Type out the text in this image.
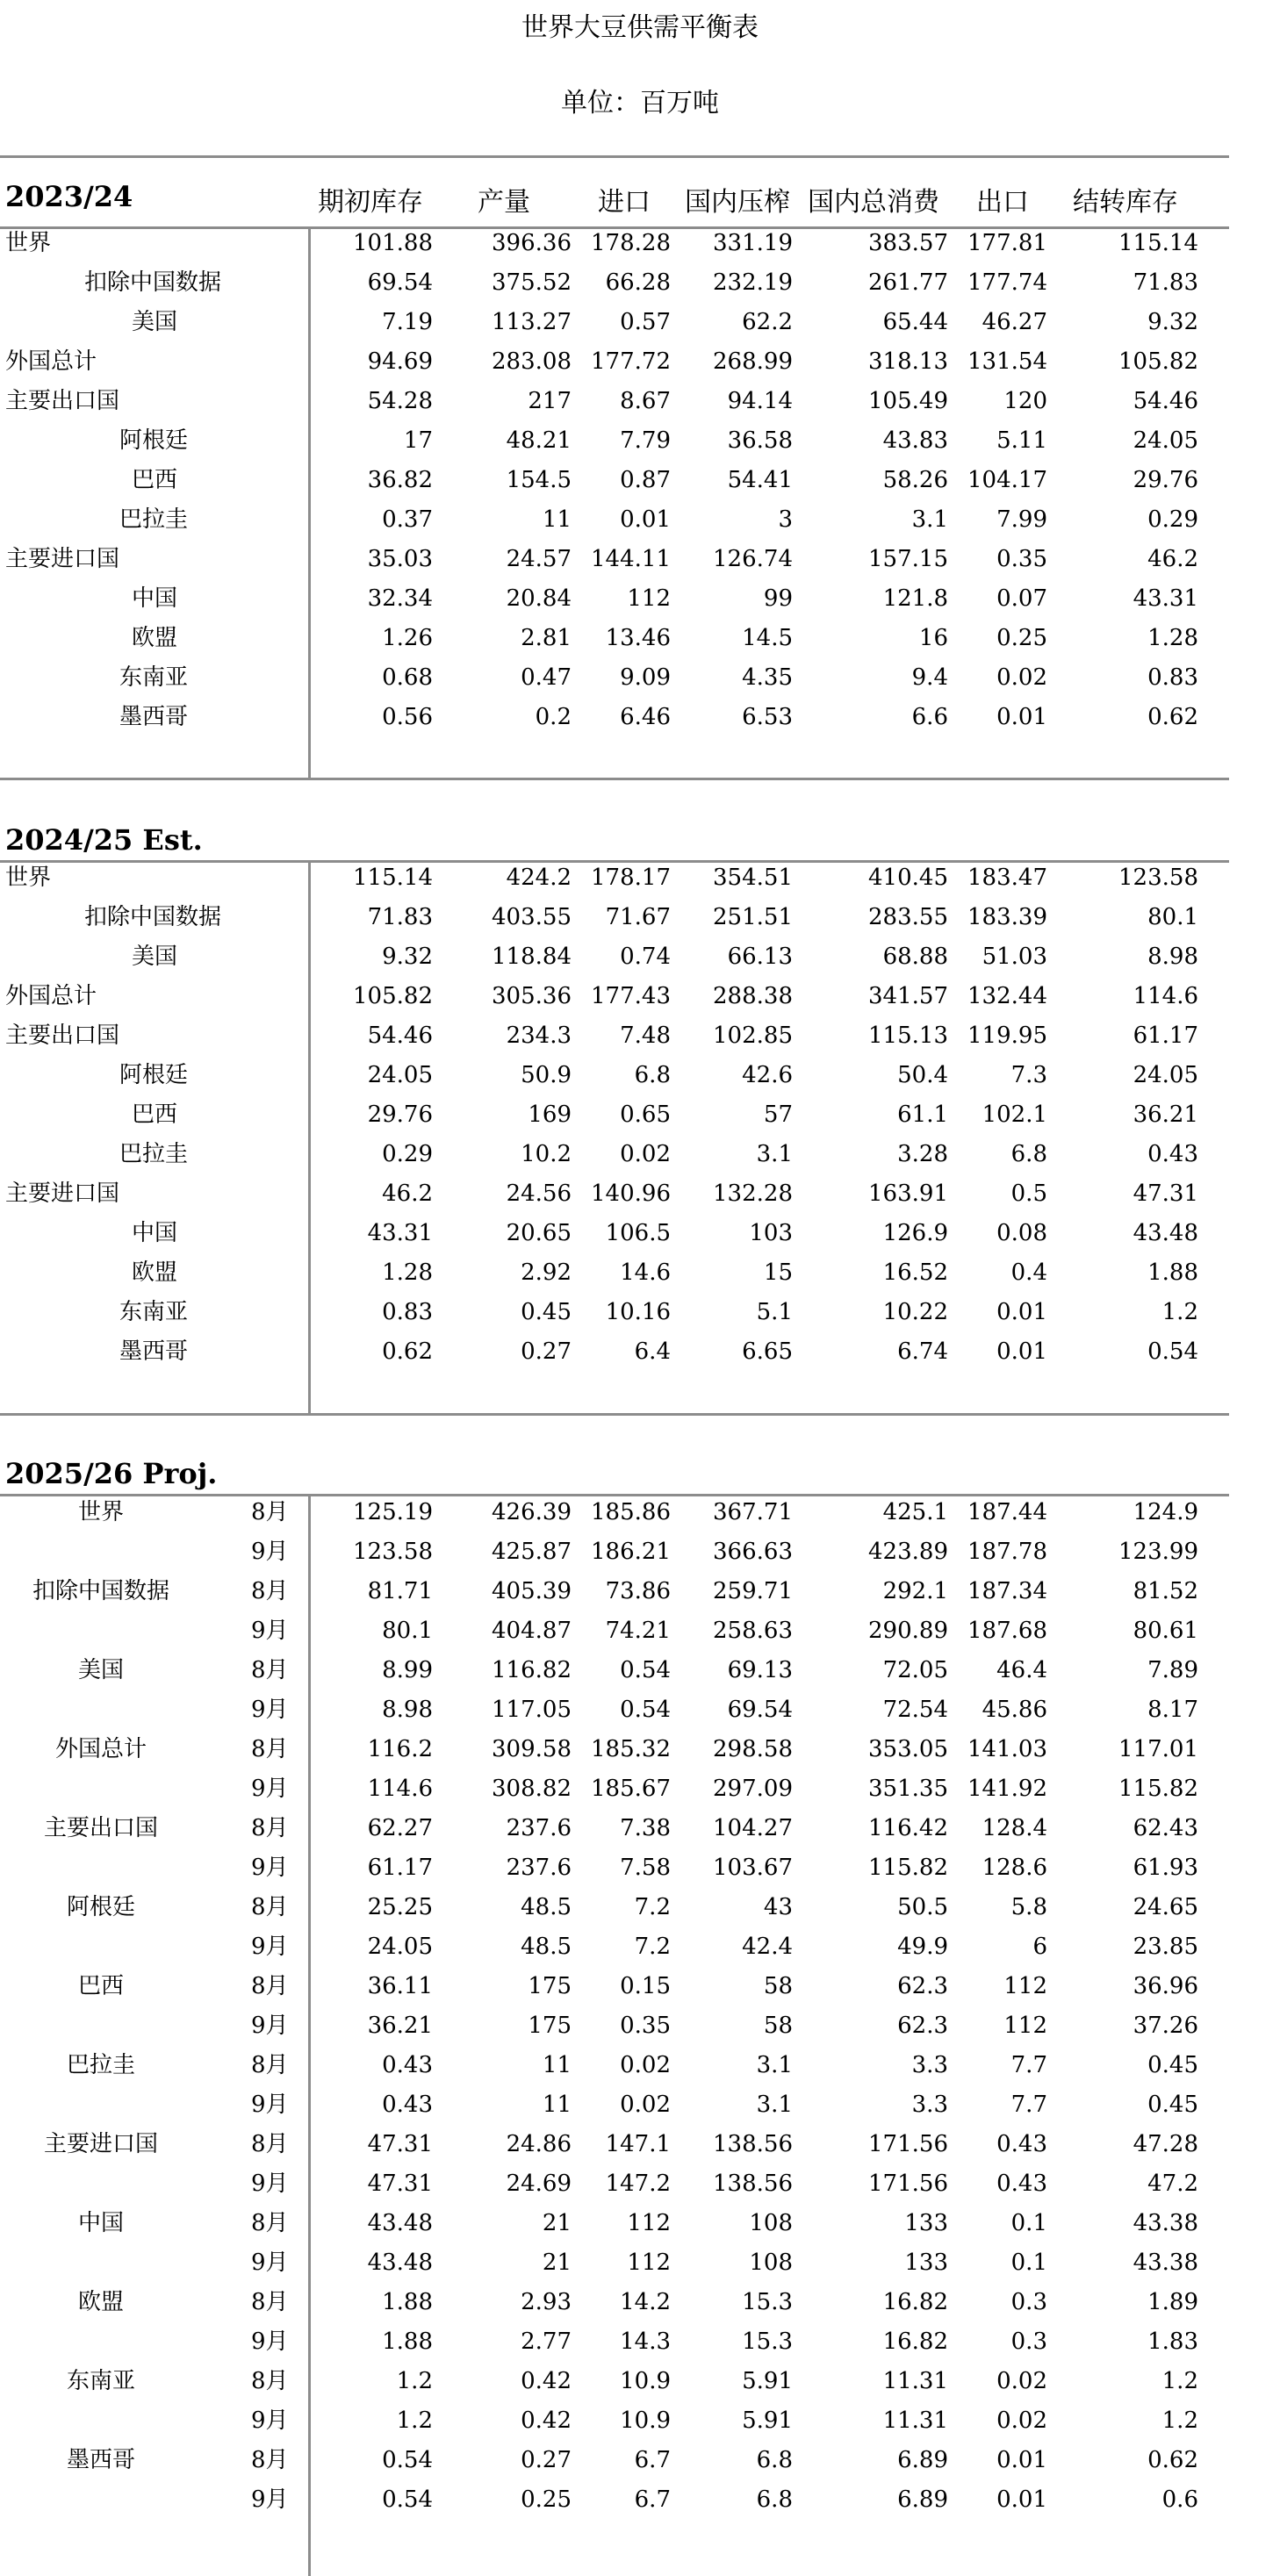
世界大豆供需平衡表
单位：百万吨
2023/24	期初库存 产量	进口 国内压榨 国内总消费 出口 结转库存
世界	101.88	396.36 178.28	331.19	383.57 177.81	115.14
扣除中国数据	69.54	375.52	66.28	232.19	261.77 177.74	71.83
美国	7.19	113.27	0.57	62.2	65.44	46.27	9.32
外国总计	94.69	283.08 177.72	268.99	318.13 131.54	105.82
主要出口国	54.28	217	8.67	94.14	105.49	120	54.46
阿根廷	17	48.21	7.79	36.58	43.83	5.11	24.05
巴西	36.82	154.5	0.87	54.41	58.26 104.17	29.76
巴拉圭	0.37	11	0.01	3	3.1	7.99	0.29
主要进口国	35.03	24.57 144.11	126.74	157.15	0.35	46.2
中国	32.34	20.84	112	99	121.8	0.07	43.31
欧盟	1.26	2.81	13.46	14.5	16	0.25	1.28
东南亚	0.68	0.47	9.09	4.35	9.4	0.02	0.83
墨西哥	0.56	0.2	6.46	6.53	6.6	0.01	0.62
2024/25 Est.
世界	115.14	424.2 178.17	354.51	410.45 183.47	123.58
扣除中国数据	71.83	403.55	71.67	251.51	283.55 183.39	80.1
美国	9.32	118.84	0.74	66.13	68.88	51.03	8.98
外国总计	105.82	305.36 177.43	288.38	341.57 132.44	114.6
主要出口国	54.46	234.3	7.48	102.85	115.13 119.95	61.17
阿根廷	24.05	50.9	6.8	42.6	50.4	7.3	24.05
巴西	29.76	169	0.65	57	61.1	102.1	36.21
巴拉圭	0.29	10.2	0.02	3.1	3.28	6.8	0.43
主要进口国	46.2	24.56 140.96	132.28	163.91	0.5	47.31
中国	43.31	20.65	106.5	103	126.9	0.08	43.48
欧盟	1.28	2.92	14.6	15	16.52	0.4	1.88
东南亚	0.83	0.45	10.16	5.1	10.22	0.01	1.2
墨西哥	0.62	0.27	6.4	6.65	6.74	0.01	0.54
2025/26 Proj.
世界	8月	125.19	426.39 185.86	367.71	425.1 187.44	124.9
9月	123.58	425.87 186.21	366.63	423.89 187.78	123.99
扣除中国数据	8月	81.71	405.39	73.86	259.71	292.1 187.34	81.52
9月	80.1	404.87	74.21	258.63	290.89 187.68	80.61
美国	8月	8.99	116.82	0.54	69.13	72.05	46.4	7.89
9月	8.98	117.05	0.54	69.54	72.54	45.86	8.17
外国总计	8月	116.2	309.58 185.32	298.58	353.05 141.03	117.01
9月	114.6	308.82 185.67	297.09	351.35 141.92	115.82
主要出口国	8月	62.27	237.6	7.38	104.27	116.42	128.4	62.43
9月	61.17	237.6	7.58	103.67	115.82	128.6	61.93
阿根廷	8月	25.25	48.5	7.2	43	50.5	5.8	24.65
9月	24.05	48.5	7.2	42.4	49.9	6	23.85
巴西	8月	36.11	175	0.15	58	62.3	112	36.96
9月	36.21	175	0.35	58	62.3	112	37.26
巴拉圭	8月	0.43	11	0.02	3.1	3.3	7.7	0.45
9月	0.43	11	0.02	3.1	3.3	7.7	0.45
主要进口国	8月	47.31	24.86	147.1	138.56	171.56	0.43	47.28
9月	47.31	24.69	147.2	138.56	171.56	0.43	47.2
中国	8月	43.48	21	112	108	133	0.1	43.38
9月	43.48	21	112	108	133	0.1	43.38
欧盟	8月	1.88	2.93	14.2	15.3	16.82	0.3	1.89
9月	1.88	2.77	14.3	15.3	16.82	0.3	1.83
东南亚	8月	1.2	0.42	10.9	5.91	11.31	0.02	1.2
9月	1.2	0.42	10.9	5.91	11.31	0.02	1.2
墨西哥	8月	0.54	0.27	6.7	6.8	6.89	0.01	0.62
9月	0.54	0.25	6.7	6.8	6.89	0.01	0.6
